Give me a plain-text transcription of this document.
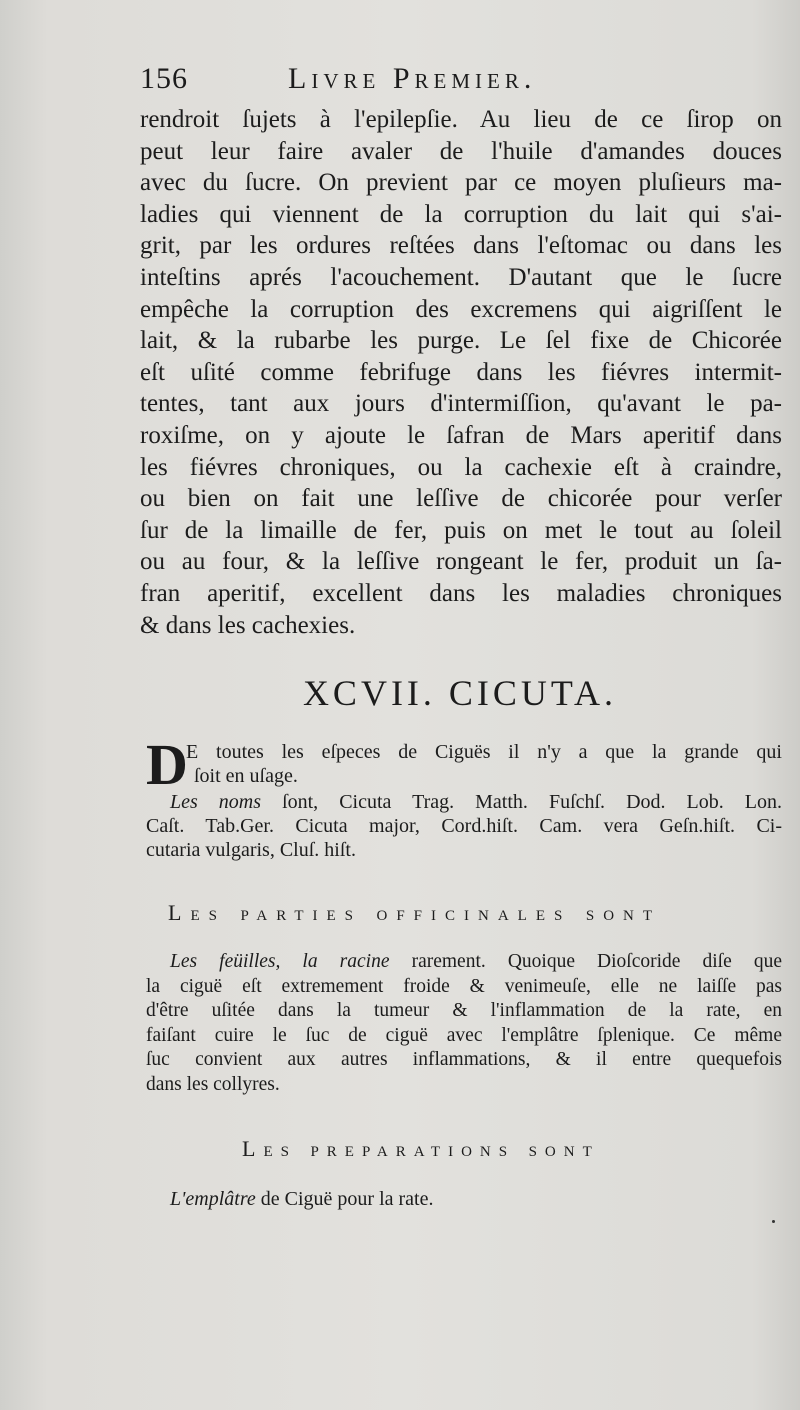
156	Livre Premier.
rendroit ſujets à l'epilepſie. Au lieu de ce ſirop on
peut leur faire avaler de l'huile d'amandes douces
avec du ſucre. On previent par ce moyen pluſieurs ma-
ladies qui viennent de la corruption du lait qui s'ai-
grit, par les ordures reſtées dans l'eſtomac ou dans les
inteſtins aprés l'acouchement. D'autant que le ſucre
empêche la corruption des excremens qui aigriſſent le
lait, & la rubarbe les purge. Le ſel fixe de Chicorée
eſt uſité comme febrifuge dans les fiévres intermit-
tentes, tant aux jours d'intermiſſion, qu'avant le pa-
roxiſme, on y ajoute le ſafran de Mars aperitif dans
les fiévres chroniques, ou la cachexie eſt à craindre,
ou bien on fait une leſſive de chicorée pour verſer
ſur de la limaille de fer, puis on met le tout au ſoleil
ou au four, & la leſſive rongeant le fer, produit un ſa-
fran aperitif, excellent dans les maladies chroniques
& dans les cachexies.
XCVII. CICUTA.
D
E toutes les eſpeces de Ciguës il n'y a que la grande qui
ſoit en uſage.
Les noms ſont, Cicuta Trag. Matth. Fuſchſ. Dod. Lob. Lon.
Caſt. Tab.Ger. Cicuta major, Cord.hiſt. Cam. vera Geſn.hiſt. Ci-
cutaria vulgaris, Cluſ. hiſt.
Les parties officinales sont
Les feüilles, la racine rarement. Quoique Dioſcoride diſe que
la ciguë eſt extremement froide & venimeuſe, elle ne laiſſe pas
d'être uſitée dans la tumeur & l'inflammation de la rate, en
faiſant cuire le ſuc de ciguë avec l'emplâtre ſplenique. Ce même
ſuc convient aux autres inflammations, & il entre quequefois
dans les collyres.
Les preparations sont
L'emplâtre de Ciguë pour la rate.
